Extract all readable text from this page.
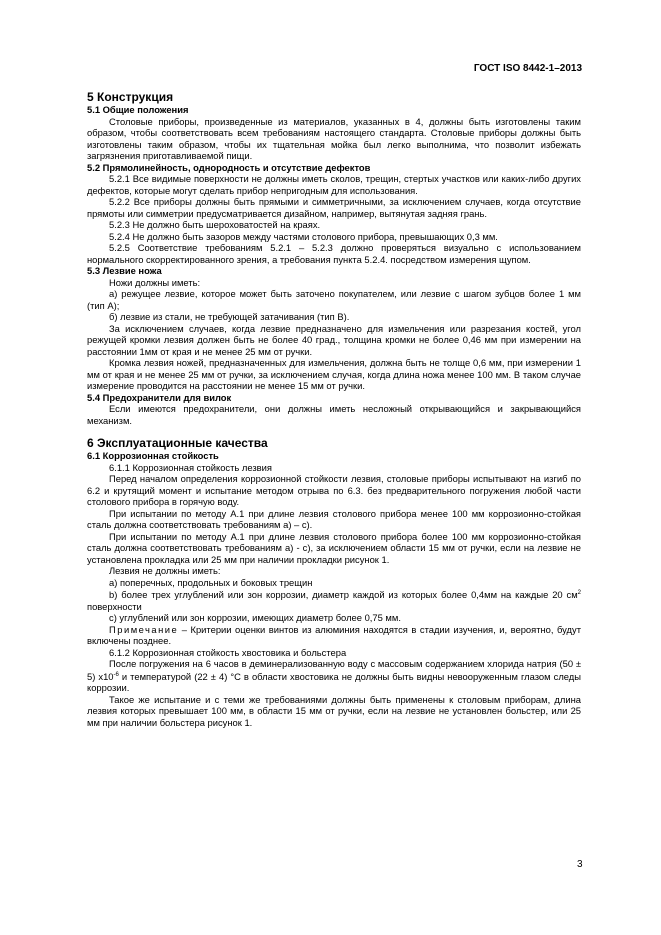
ГОСТ ISO 8442-1–2013
5 Конструкция
5.1 Общие положения

Столовые приборы, произведенные из материалов, указанных в 4, должны быть изготовлены таким образом, чтобы соответствовать всем требованиям настоящего стандарта. Столовые приборы должны быть изготовлены таким образом, чтобы их тщательная мойка был легко выполнима, что позволит избежать загрязнения приготавливаемой пищи.

5.2 Прямолинейность, однородность и отсутствие дефектов

5.2.1 Все видимые поверхности не должны иметь сколов, трещин, стертых участков или каких-либо других дефектов, которые могут сделать прибор непригодным для использования.

5.2.2 Все приборы должны быть прямыми и симметричными, за исключением случаев, когда отсутствие прямоты или симметрии предусматривается дизайном, например, вытянутая задняя грань.

5.2.3 Не должно быть шероховатостей на краях.

5.2.4 Не должно быть зазоров между частями столового прибора, превышающих 0,3 мм.

5.2.5 Соответствие требованиям 5.2.1 – 5.2.3 должно проверяться визуально с использованием нормального скорректированного зрения, а требования пункта 5.2.4. посредством измерения щупом.

5.3 Лезвие ножа

Ножи должны иметь:

а) режущее лезвие, которое может быть заточено покупателем, или лезвие с шагом зубцов более 1 мм (тип А);

б) лезвие из стали, не требующей затачивания (тип В).

За исключением случаев, когда лезвие предназначено для измельчения или разрезания костей, угол режущей кромки лезвия должен быть не более 40 град., толщина кромки не более 0,46 мм при измерении на расстоянии 1мм от края и не менее 25 мм от ручки.

Кромка лезвия ножей, предназначенных для измельчения, должна быть не толще 0,6 мм, при измерении 1 мм от края и не менее 25 мм от ручки, за исключением случая, когда длина ножа менее 100 мм. В таком случае измерение проводится на расстоянии не менее 15 мм от ручки.

5.4 Предохранители для вилок

Если имеются предохранители, они должны иметь несложный открывающийся и закрывающийся механизм.

6 Эксплуатационные качества
6.1 Коррозионная стойкость

6.1.1 Коррозионная стойкость лезвия

Перед началом определения коррозионной стойкости лезвия, столовые приборы испытывают на изгиб по 6.2 и крутящий момент и испытание методом отрыва по 6.3. без предварительного погружения любой части столового прибора в горячую воду.

При испытании по методу А.1 при длине лезвия столового прибора менее 100 мм коррозионно-стойкая сталь должна соответствовать требованиям а) – с).

При испытании по методу А.1 при длине лезвия столового прибора более 100 мм коррозионно-стойкая сталь должна соответствовать требованиям а) - с), за исключением области 15 мм от ручки, если на лезвие не установлена прокладка или 25 мм при наличии прокладки рисунок 1.

Лезвия не должны иметь:

а) поперечных, продольных и боковых трещин

b) более трех углублений или зон коррозии, диаметр каждой из которых более 0,4мм на каждые 20 $см^2$ поверхности

с) углублений или зон коррозии, имеющих диаметр более 0,75 мм.

Примечание – Критерии оценки винтов из алюминия находятся в стадии изучения, и, вероятно, будут включены позднее.

6.1.2 Коррозионная стойкость хвостовика и больстера

После погружения на 6 часов в деминерализованную воду с массовым содержанием хлорида натрия (50 ± 5) $х10^{-6}$ и температурой (22 ± 4) °С в области хвостовика не должны быть видны невооруженным глазом следы коррозии.

Такое же испытание и с теми же требованиями должны быть применены к столовым приборам, длина лезвия которых превышает 100 мм, в области 15 мм от ручки, если на лезвие не установлен больстер, или 25 мм при наличии больстера рисунок 1.

3
